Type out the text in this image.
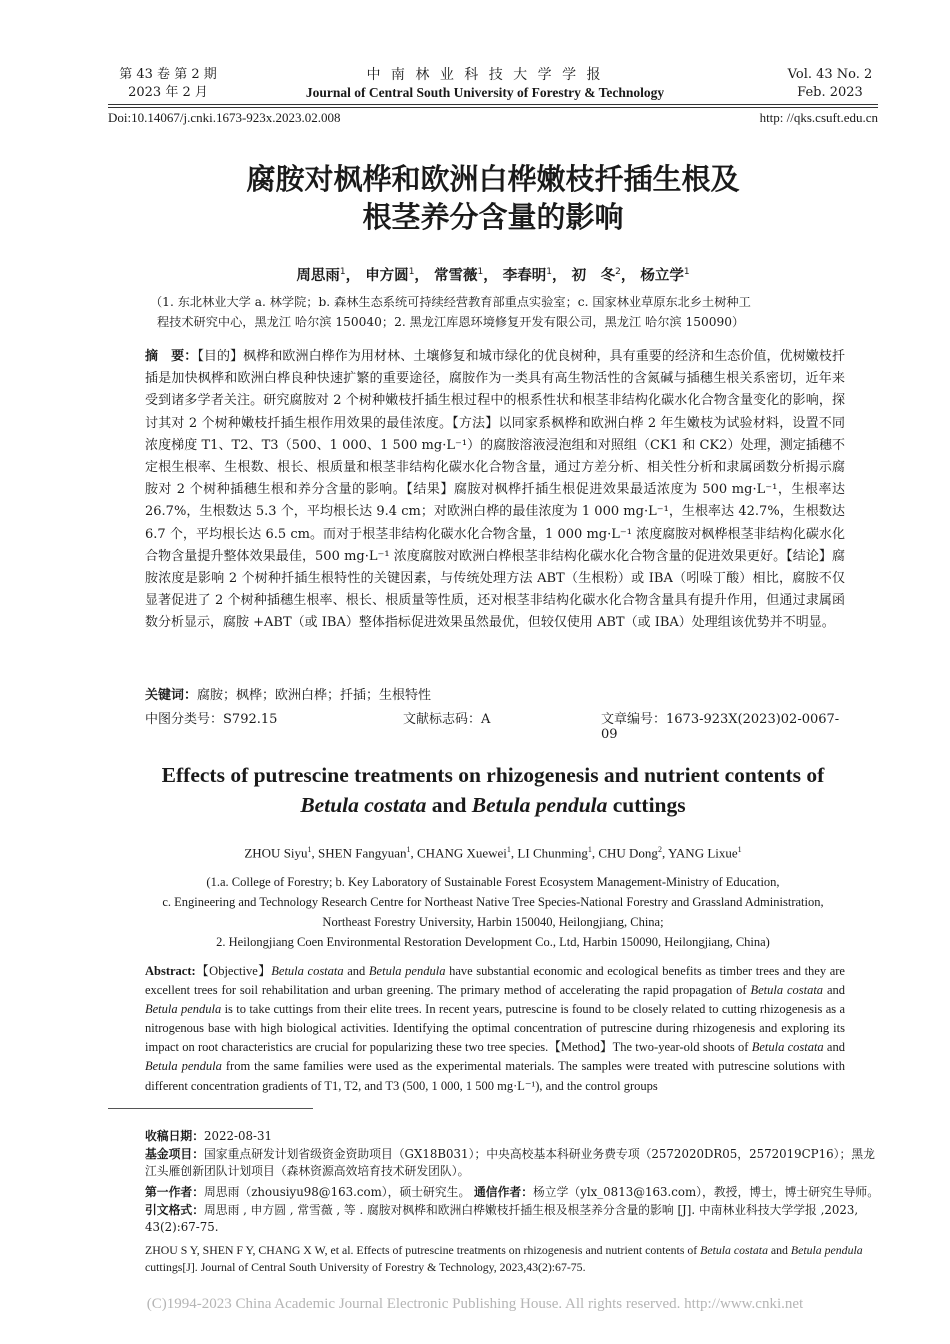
第 43 卷 第 2 期
2023 年 2 月
中 南 林 业 科 技 大 学 学 报
Journal of Central South University of Forestry & Technology
Vol. 43 No. 2
Feb. 2023
Doi:10.14067/j.cnki.1673-923x.2023.02.008	http: //qks.csuft.edu.cn
腐胺对枫桦和欧洲白桦嫩枝扦插生根及
根茎养分含量的影响
周思雨$^1$， 申方圆$^1$， 常雪薇$^1$， 李春明$^1$， 初　冬$^2$， 杨立学$^1$
（1. 东北林业大学 a. 林学院；b. 森林生态系统可持续经营教育部重点实验室；c. 国家林业草原东北乡土树种工
程技术研究中心，黑龙江 哈尔滨 150040；2. 黑龙江库恩环境修复开发有限公司，黑龙江 哈尔滨 150090）
摘　要：【目的】枫桦和欧洲白桦作为用材林、土壤修复和城市绿化的优良树种，具有重要的经济和生态价值，优树嫩枝扦插是加快枫桦和欧洲白桦良种快速扩繁的重要途径，腐胺作为一类具有高生物活性的含氮碱与插穗生根关系密切，近年来受到诸多学者关注。研究腐胺对 2 个树种嫩枝扦插生根过程中的根系性状和根茎非结构化碳水化合物含量变化的影响，探讨其对 2 个树种嫩枝扦插生根作用效果的最佳浓度。【方法】以同家系枫桦和欧洲白桦 2 年生嫩枝为试验材料，设置不同浓度梯度 T1、T2、T3（500、1 000、1 500 mg·L⁻¹）的腐胺溶液浸泡组和对照组（CK1 和 CK2）处理，测定插穗不定根生根率、生根数、根长、根质量和根茎非结构化碳水化合物含量，通过方差分析、相关性分析和隶属函数分析揭示腐胺对 2 个树种插穗生根和养分含量的影响。【结果】腐胺对枫桦扦插生根促进效果最适浓度为 500 mg·L⁻¹，生根率达 26.7%，生根数达 5.3 个，平均根长达 9.4 cm；对欧洲白桦的最佳浓度为 1 000 mg·L⁻¹，生根率达 42.7%，生根数达 6.7 个，平均根长达 6.5 cm。而对于根茎非结构化碳水化合物含量，1 000 mg·L⁻¹ 浓度腐胺对枫桦根茎非结构化碳水化合物含量提升整体效果最佳，500 mg·L⁻¹ 浓度腐胺对欧洲白桦根茎非结构化碳水化合物含量的促进效果更好。【结论】腐胺浓度是影响 2 个树种扦插生根特性的关键因素，与传统处理方法 ABT（生根粉）或 IBA（吲哚丁酸）相比，腐胺不仅显著促进了 2 个树种插穗生根率、根长、根质量等性质，还对根茎非结构化碳水化合物含量具有提升作用，但通过隶属函数分析显示，腐胺 +ABT（或 IBA）整体指标促进效果虽然最优，但较仅使用 ABT（或 IBA）处理组该优势并不明显。
关键词：腐胺；枫桦；欧洲白桦；扦插；生根特性
中图分类号：S792.15	文献标志码：A	文章编号：1673-923X(2023)02-0067-09
Effects of putrescine treatments on rhizogenesis and nutrient contents of
Betula costata and Betula pendula cuttings
ZHOU Siyu$^1$, SHEN Fangyuan$^1$, CHANG Xuewei$^1$, LI Chunming$^1$, CHU Dong$^2$, YANG Lixue$^1$
(1.a. College of Forestry; b. Key Laboratory of Sustainable Forest Ecosystem Management-Ministry of Education,
c. Engineering and Technology Research Centre for Northeast Native Tree Species-National Forestry and Grassland Administration,
Northeast Forestry University, Harbin 150040, Heilongjiang, China;
2. Heilongjiang Coen Environmental Restoration Development Co., Ltd, Harbin 150090, Heilongjiang, China)
Abstract:【Objective】Betula costata and Betula pendula have substantial economic and ecological benefits as timber trees and they are excellent trees for soil rehabilitation and urban greening. The primary method of accelerating the rapid propagation of Betula costata and Betula pendula is to take cuttings from their elite trees. In recent years, putrescine is found to be closely related to cutting rhizogenesis as a nitrogenous base with high biological activities. Identifying the optimal concentration of putrescine during rhizogenesis and exploring its impact on root characteristics are crucial for popularizing these two tree species.【Method】The two-year-old shoots of Betula costata and Betula pendula from the same families were used as the experimental materials. The samples were treated with putrescine solutions with different concentration gradients of T1, T2, and T3 (500, 1 000, 1 500 mg·L⁻¹), and the control groups
收稿日期：2022-08-31
基金项目：国家重点研发计划省级资金资助项目（GX18B031）；中央高校基本科研业务费专项（2572020DR05，2572019CP16）；黑龙江头雁创新团队计划项目（森林资源高效培育技术研发团队）。
第一作者：周思雨（zhousiyu98@163.com），硕士研究生。 通信作者：杨立学（ylx_0813@163.com），教授，博士，博士研究生导师。
引文格式：周思雨 , 申方圆 , 常雪薇 , 等 . 腐胺对枫桦和欧洲白桦嫩枝扦插生根及根茎养分含量的影响 [J]. 中南林业科技大学学报 ,2023, 43(2):67-75.
ZHOU S Y, SHEN F Y, CHANG X W, et al. Effects of putrescine treatments on rhizogenesis and nutrient contents of Betula costata and Betula pendula cuttings[J]. Journal of Central South University of Forestry & Technology, 2023,43(2):67-75.
(C)1994-2023 China Academic Journal Electronic Publishing House. All rights reserved. http://www.cnki.net
